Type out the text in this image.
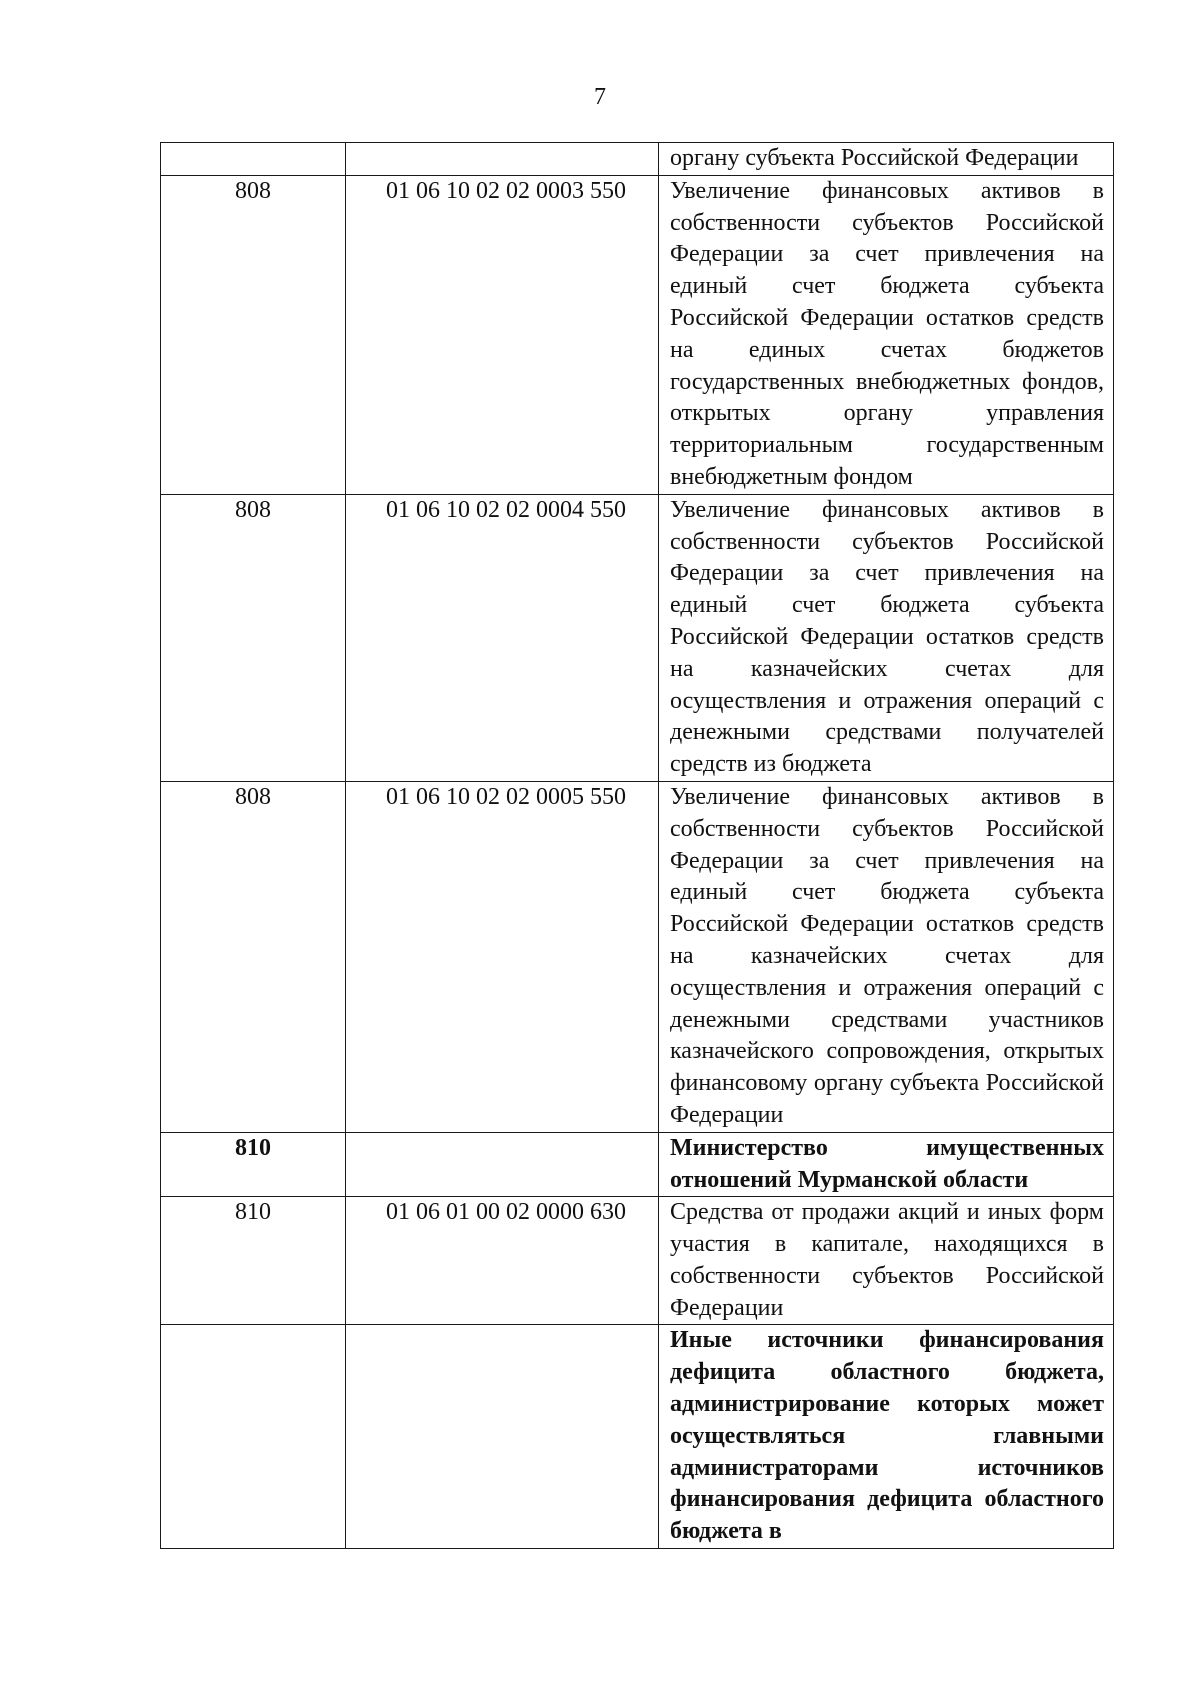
7
		органу субъекта Российской Федерации
808	01 06 10 02 02 0003 550	Увеличение финансовых активов в собственности субъектов Российской Федерации за счет привлечения на единый счет бюджета субъекта Российской Федерации остатков средств на единых счетах бюджетов государственных внебюджетных фондов, открытых органу управления территориальным государственным внебюджетным фондом
808	01 06 10 02 02 0004 550	Увеличение финансовых активов в собственности субъектов Российской Федерации за счет привлечения на единый счет бюджета субъекта Российской Федерации остатков средств на казначейских счетах для осуществления и отражения операций с денежными средствами получателей средств из бюджета
808	01 06 10 02 02 0005 550	Увеличение финансовых активов в собственности субъектов Российской Федерации за счет привлечения на единый счет бюджета субъекта Российской Федерации остатков средств на казначейских счетах для осуществления и отражения операций с денежными средствами участников казначейского сопровождения, открытых финансовому органу субъекта Российской Федерации
810		Министерство имущественных отношений Мурманской области
810	01 06 01 00 02 0000 630	Средства от продажи акций и иных форм участия в капитале, находящихся в собственности субъектов Российской Федерации
		Иные источники финансирования дефицита областного бюджета, администрирование которых может осуществляться главными администраторами источников финансирования дефицита областного бюджета в
